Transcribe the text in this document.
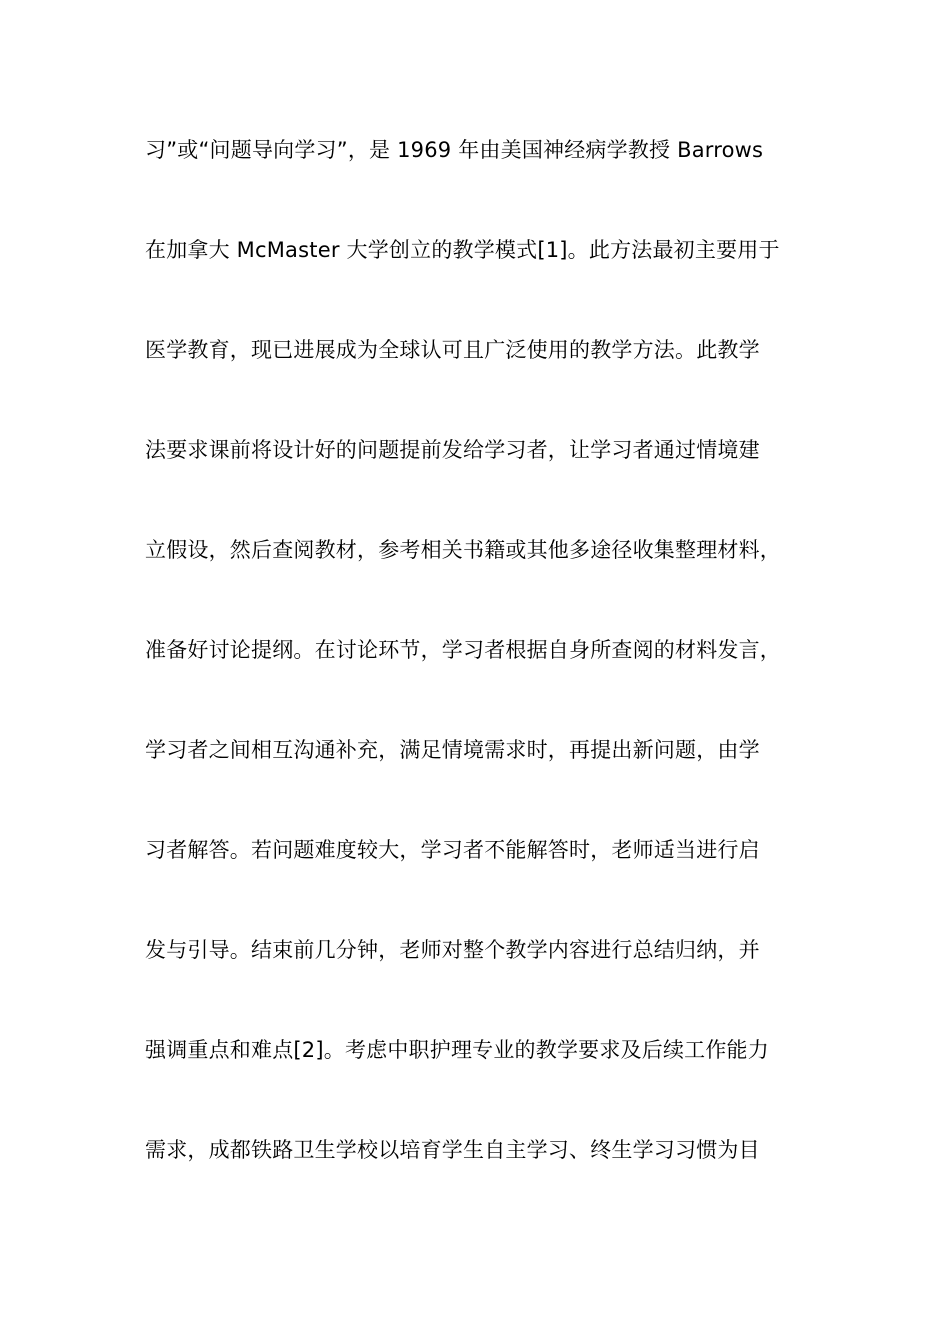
习”或“问题导向学习”，是 1969 年由美国神经病学教授 Barrows
在加拿大 McMaster 大学创立的教学模式[1]。此方法最初主要用于
医学教育，现已进展成为全球认可且广泛使用的教学方法。此教学
法要求课前将设计好的问题提前发给学习者，让学习者通过情境建
立假设，然后查阅教材，参考相关书籍或其他多途径收集整理材料，
准备好讨论提纲。在讨论环节，学习者根据自身所查阅的材料发言，
学习者之间相互沟通补充，满足情境需求时，再提出新问题，由学
习者解答。若问题难度较大，学习者不能解答时，老师适当进行启
发与引导。结束前几分钟，老师对整个教学内容进行总结归纳，并
强调重点和难点[2]。考虑中职护理专业的教学要求及后续工作能力
需求，成都铁路卫生学校以培育学生自主学习、终生学习习惯为目
